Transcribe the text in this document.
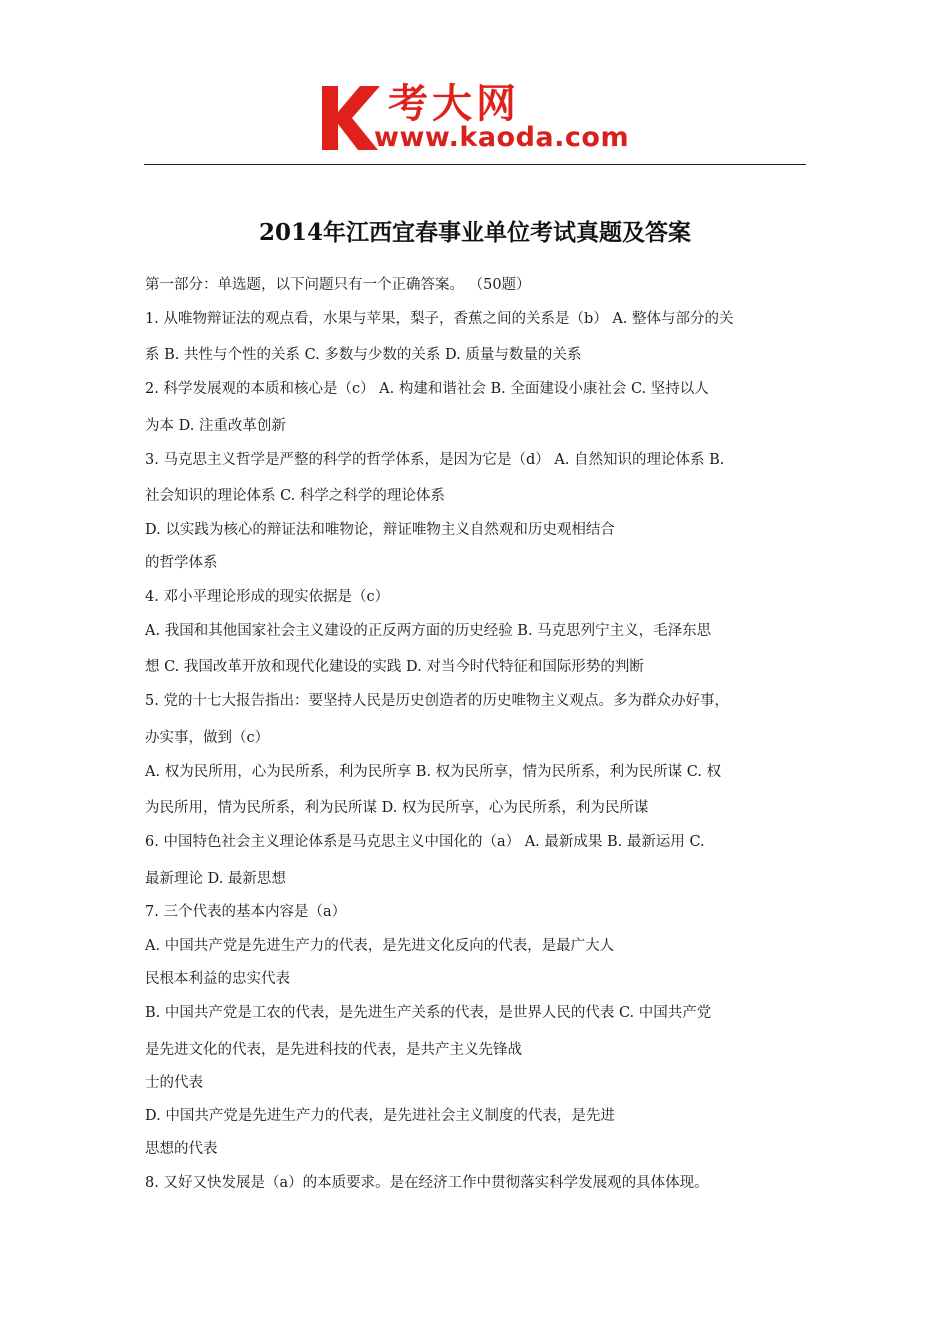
考大网
www.kaoda.com
2014年江西宜春事业单位考试真题及答案
第一部分：单选题，以下问题只有一个正确答案。 （50题）
1. 从唯物辩证法的观点看，水果与苹果，梨子，香蕉之间的关系是（b） A. 整体与部分的关
系 B. 共性与个性的关系 C. 多数与少数的关系 D. 质量与数量的关系
2. 科学发展观的本质和核心是（c） A. 构建和谐社会 B. 全面建设小康社会 C. 坚持以人
为本 D. 注重改革创新
3. 马克思主义哲学是严整的科学的哲学体系，是因为它是（d） A. 自然知识的理论体系 B.
社会知识的理论体系 C. 科学之科学的理论体系
D. 以实践为核心的辩证法和唯物论，辩证唯物主义自然观和历史观相结合
的哲学体系
4. 邓小平理论形成的现实依据是（c）
A. 我国和其他国家社会主义建设的正反两方面的历史经验 B. 马克思列宁主义，毛泽东思
想 C. 我国改革开放和现代化建设的实践 D. 对当今时代特征和国际形势的判断
5. 党的十七大报告指出：要坚持人民是历史创造者的历史唯物主义观点。多为群众办好事，
办实事，做到（c）
A. 权为民所用，心为民所系，利为民所享 B. 权为民所享，情为民所系，利为民所谋 C. 权
为民所用，情为民所系，利为民所谋 D. 权为民所享，心为民所系，利为民所谋
6. 中国特色社会主义理论体系是马克思主义中国化的（a） A. 最新成果 B. 最新运用 C.
最新理论 D. 最新思想
7. 三个代表的基本内容是（a）
A. 中国共产党是先进生产力的代表，是先进文化反向的代表，是最广大人
民根本利益的忠实代表
B. 中国共产党是工农的代表，是先进生产关系的代表，是世界人民的代表 C. 中国共产党
是先进文化的代表，是先进科技的代表，是共产主义先锋战
士的代表
D. 中国共产党是先进生产力的代表，是先进社会主义制度的代表，是先进
思想的代表
8. 又好又快发展是（a）的本质要求。是在经济工作中贯彻落实科学发展观的具体体现。
